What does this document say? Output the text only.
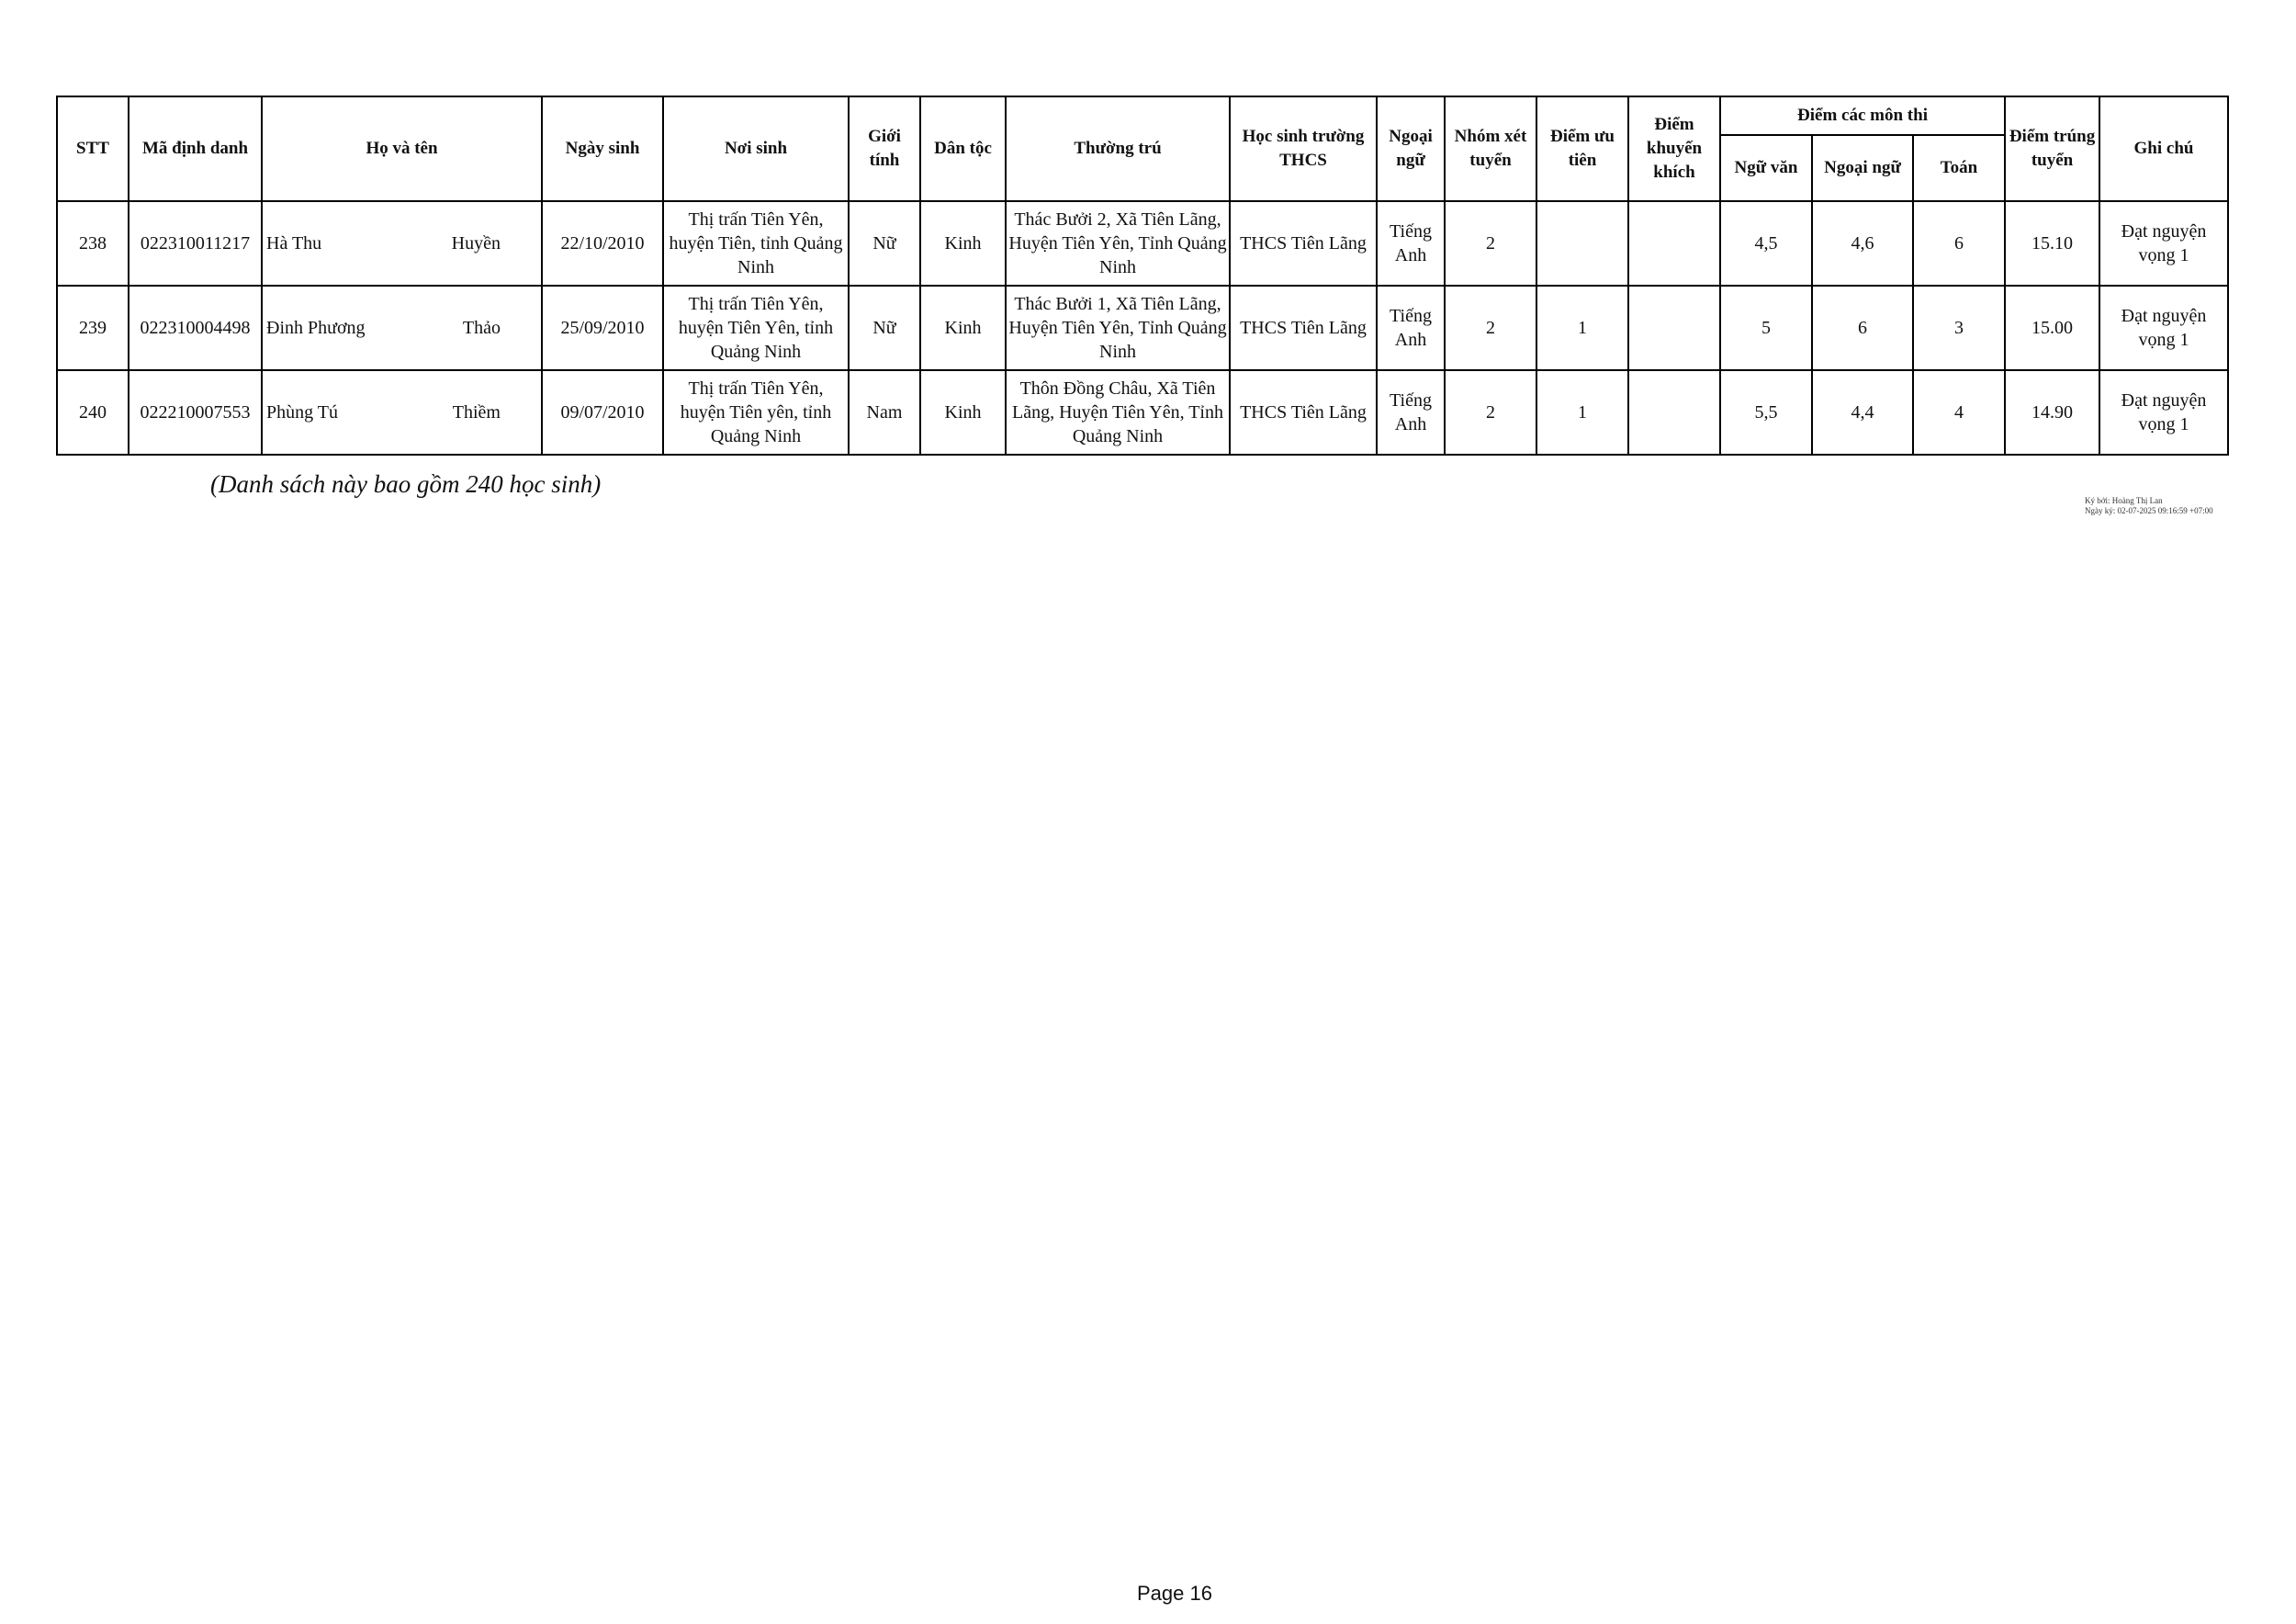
STT	Mã định danh	Họ và tên	Ngày sinh	Nơi sinh	Giới tính	Dân tộc	Thường trú	Học sinh trường THCS	Ngoại ngữ	Nhóm xét tuyển	Điểm ưu tiên	Điểm khuyến khích	Điểm các môn thi			Điểm trúng tuyển	Ghi chú
													Ngữ văn	Ngoại ngữ	Toán		
238	022310011217	Hà Thu Huyền	22/10/2010	Thị trấn Tiên Yên, huyện Tiên, tỉnh Quảng Ninh	Nữ	Kinh	Thác Bưởi 2, Xã Tiên Lãng, Huyện Tiên Yên, Tỉnh Quảng Ninh	THCS Tiên Lãng	Tiếng Anh	2			4,5	4,6	6	15.10	Đạt nguyện vọng 1
239	022310004498	Đinh Phương Thảo	25/09/2010	Thị trấn Tiên Yên, huyện Tiên Yên, tỉnh Quảng Ninh	Nữ	Kinh	Thác Bưởi 1, Xã Tiên Lãng, Huyện Tiên Yên, Tỉnh Quảng Ninh	THCS Tiên Lãng	Tiếng Anh	2	1		5	6	3	15.00	Đạt nguyện vọng 1
240	022210007553	Phùng Tú Thiềm	09/07/2010	Thị trấn Tiên Yên, huyện Tiên yên, tỉnh Quảng Ninh	Nam	Kinh	Thôn Đồng Châu, Xã Tiên Lãng, Huyện Tiên Yên, Tỉnh Quảng Ninh	THCS Tiên Lãng	Tiếng Anh	2	1		5,5	4,4	4	14.90	Đạt nguyện vọng 1
(Danh sách này bao gồm 240 học sinh)
Ký bởi: Hoàng Thị Lan
Ngày ký: 02-07-2025 09:16:59 +07:00
Page 16
